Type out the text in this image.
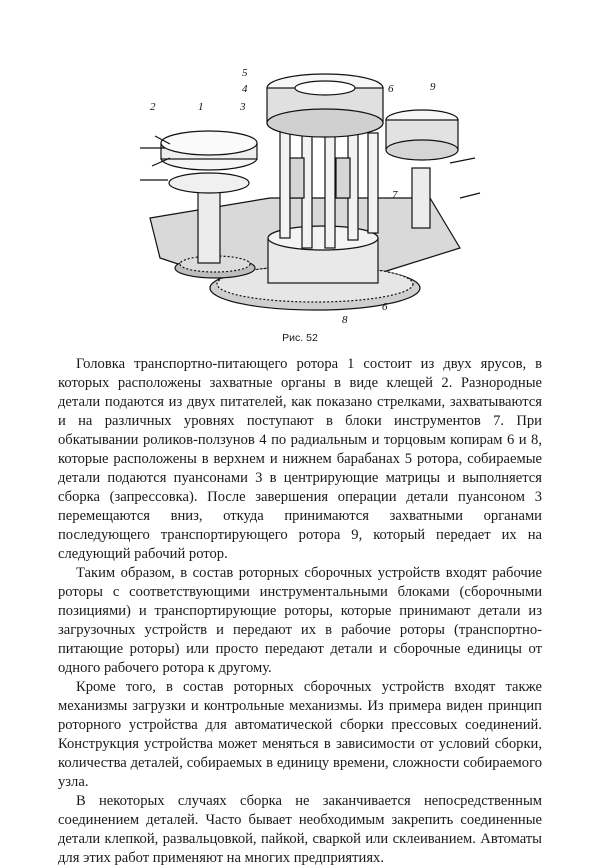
1
2	3
4
5
6
7
8
6
9
Рис. 52

Головка транспортно-питающего ротора 1 состоит из двух ярусов, в которых расположены захватные органы в виде клещей 2. Разнородные детали подаются из двух питателей, как показано стрелками, захватываются и на различных уровнях поступают в блоки инструментов 7. При обкатывании роликов-ползунов 4 по радиальным и торцовым копирам 6 и 8, которые расположены в верхнем и нижнем барабанах 5 ротора, собираемые детали подаются пуансонами 3 в центрирующие матрицы и выполняется сборка (запрессовка). После завершения операции детали пуансоном 3 перемещаются вниз, откуда принимаются захватными органами последующего транспортирующего ротора 9, который передает их на следующий рабочий ротор.

Таким образом, в состав роторных сборочных устройств входят рабочие роторы с соответствующими инструментальными блоками (сборочными позициями) и транспортирующие роторы, которые принимают детали из загрузочных устройств и передают их в рабочие роторы (транспортно-питающие роторы) или просто передают детали и сборочные единицы от одного рабочего ротора к другому.

Кроме того, в состав роторных сборочных устройств входят также механизмы загрузки и контрольные механизмы. Из примера виден принцип роторного устройства для автоматической сборки прессовых соединений. Конструкция устройства может меняться в зависимости от условий сборки, количества деталей, собираемых в единицу времени, сложности собираемого узла.

В некоторых случаях сборка не заканчивается непосредственным соединением деталей. Часто бывает необходимым закрепить соединенные детали клепкой, развальцовкой, пайкой, сваркой или склеиванием. Автоматы для этих работ применяют на многих предприятиях.
